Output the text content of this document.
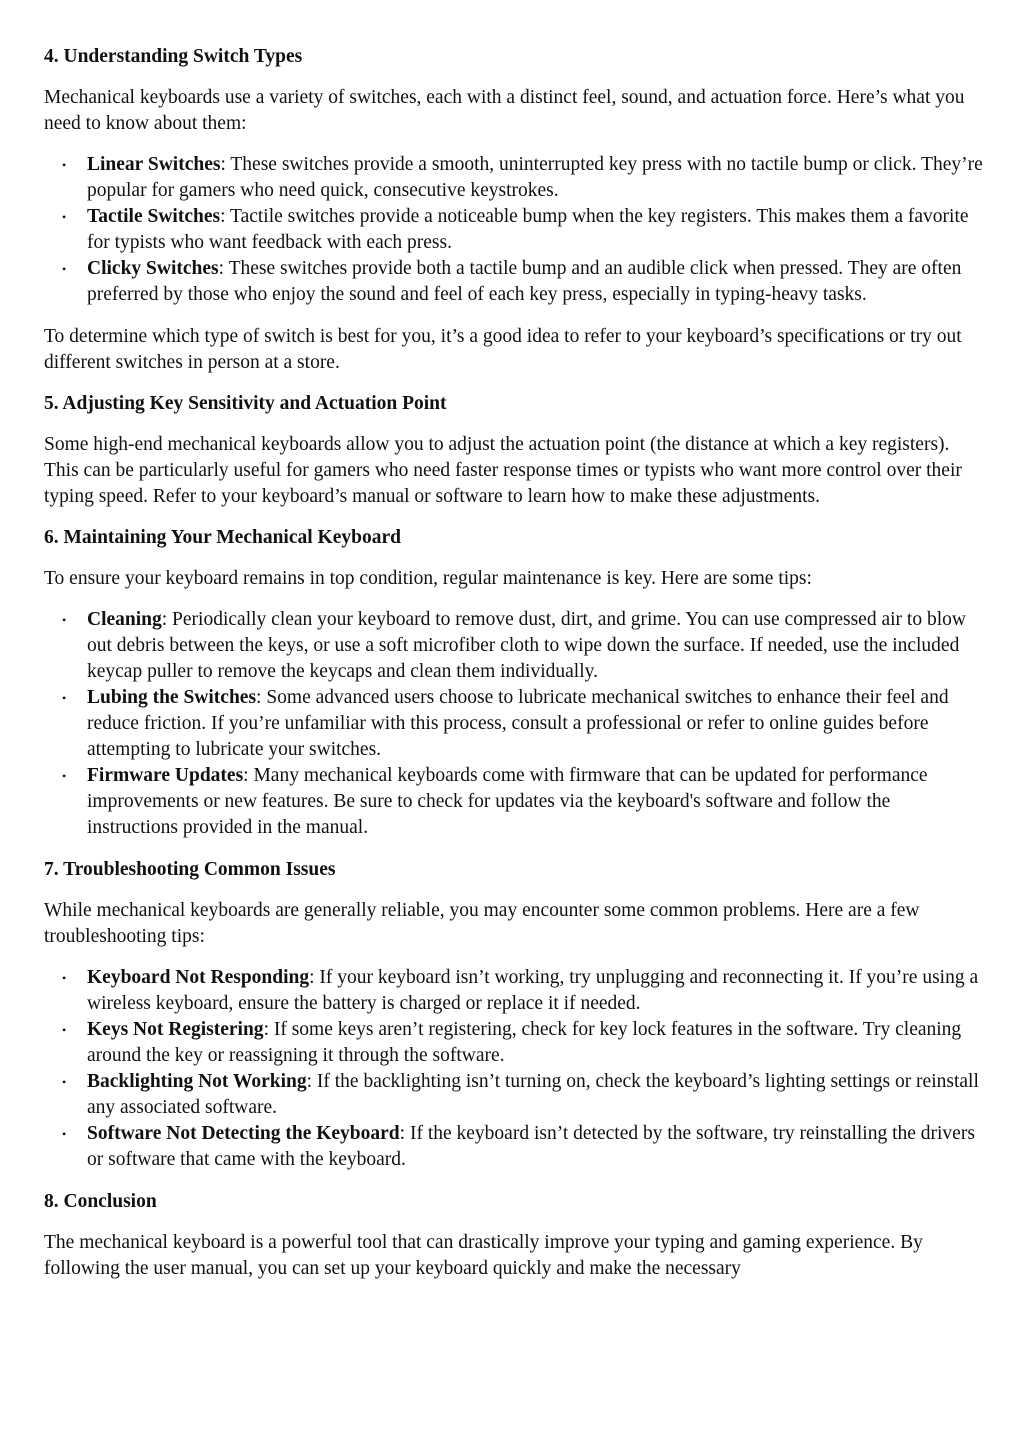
4. Understanding Switch Types

Mechanical keyboards use a variety of switches, each with a distinct feel, sound, and actuation force. Here’s what you need to know about them:

• Linear Switches: These switches provide a smooth, uninterrupted key press with no tactile bump or click. They’re popular for gamers who need quick, consecutive keystrokes.
• Tactile Switches: Tactile switches provide a noticeable bump when the key registers. This makes them a favorite for typists who want feedback with each press.
• Clicky Switches: These switches provide both a tactile bump and an audible click when pressed. They are often preferred by those who enjoy the sound and feel of each key press, especially in typing-heavy tasks.

To determine which type of switch is best for you, it’s a good idea to refer to your keyboard’s specifications or try out different switches in person at a store.

5. Adjusting Key Sensitivity and Actuation Point

Some high-end mechanical keyboards allow you to adjust the actuation point (the distance at which a key registers). This can be particularly useful for gamers who need faster response times or typists who want more control over their typing speed. Refer to your keyboard’s manual or software to learn how to make these adjustments.

6. Maintaining Your Mechanical Keyboard

To ensure your keyboard remains in top condition, regular maintenance is key. Here are some tips:

• Cleaning: Periodically clean your keyboard to remove dust, dirt, and grime. You can use compressed air to blow out debris between the keys, or use a soft microfiber cloth to wipe down the surface. If needed, use the included keycap puller to remove the keycaps and clean them individually.
• Lubing the Switches: Some advanced users choose to lubricate mechanical switches to enhance their feel and reduce friction. If you’re unfamiliar with this process, consult a professional or refer to online guides before attempting to lubricate your switches.
• Firmware Updates: Many mechanical keyboards come with firmware that can be updated for performance improvements or new features. Be sure to check for updates via the keyboard's software and follow the instructions provided in the manual.
7. Troubleshooting Common Issues

While mechanical keyboards are generally reliable, you may encounter some common problems. Here are a few troubleshooting tips:

• Keyboard Not Responding: If your keyboard isn’t working, try unplugging and reconnecting it. If you’re using a wireless keyboard, ensure the battery is charged or replace it if needed.
• Keys Not Registering: If some keys aren’t registering, check for key lock features in the software. Try cleaning around the key or reassigning it through the software.
• Backlighting Not Working: If the backlighting isn’t turning on, check the keyboard’s lighting settings or reinstall any associated software.
• Software Not Detecting the Keyboard: If the keyboard isn’t detected by the software, try reinstalling the drivers or software that came with the keyboard.
8. Conclusion

The mechanical keyboard is a powerful tool that can drastically improve your typing and gaming experience. By following the user manual, you can set up your keyboard quickly and make the necessary
